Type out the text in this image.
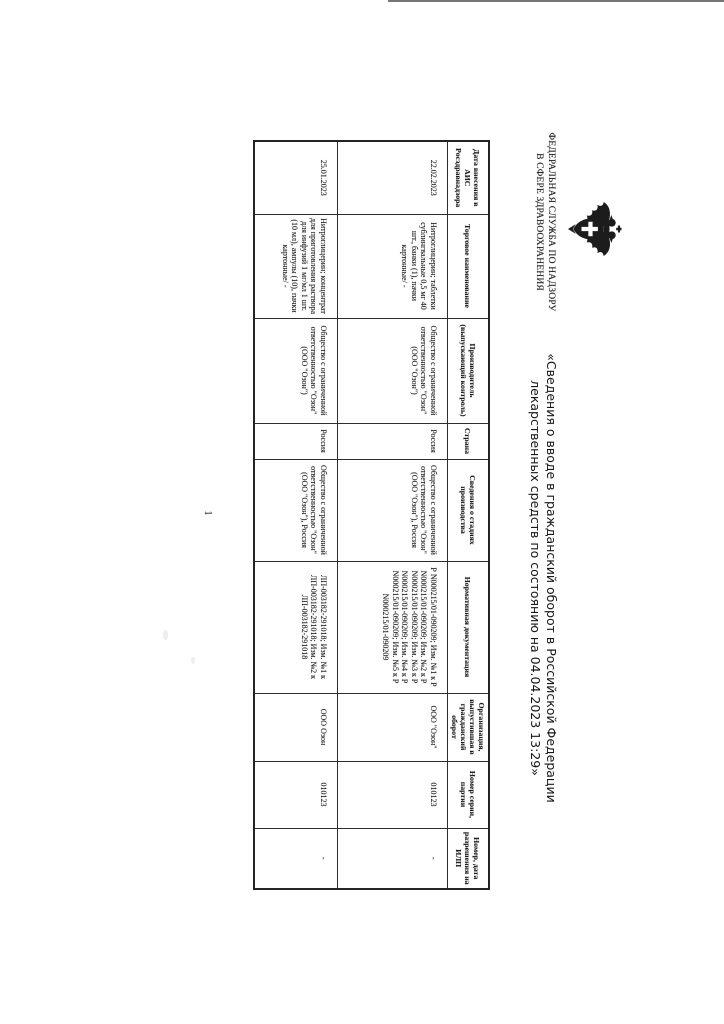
ФЕДЕРАЛЬНАЯ СЛУЖБА ПО НАДЗОРУ
В СФЕРЕ ЗДРАВООХРАНЕНИЯ
«Сведения о вводе в гражданский оборот в Российской Федерации
лекарственных средств по состоянию на 04.04.2023 13:29»
Дата внесения в АИС Росздравнадзора	Торговое наименование	Производитель (выпускающий контроль)	Страна	Сведения о стадиях производства	Нормативная документация	Организация, выпустившая в гражданский оборот	Номер серии, партии	Номер, дата разрешения на ИЛП
22.02.2023	Нитроглицерин; таблетки сублингвальные 0,5 мг 40 шт., банки (1), пачки картонные/ -	Общество с ограниченной ответственностью "Озон" (ООО "Озон")	Россия	Общество с ограниченной ответственностью "Озон" (ООО "Озон"), Россия	Р N000215/01-090209; Изм. №1 к Р N000215/01-090209; Изм. №2 к Р N000215/01-090209; Изм. №3 к Р N000215/01-090209; Изм. №4 к Р N000215/01-090209; Изм. №5 к Р N000215/01-090209	ООО "Озон"	010123	-
25.01.2023	Нитроглицерин; концентрат для приготовления раствора для инфузий 1 мг/мл 1 шт. (10 мл), ампулы (10), пачки картонные/ -	Общество с ограниченной ответственностью "Озон" (ООО "Озон")	Россия	Общество с ограниченной ответственностью "Озон" (ООО "Озон"), Россия	ЛП-003182-291018; Изм. №1 к ЛП-003182-291018; Изм. №2 к ЛП-003182-291018	ООО Озон	010123	-
1
